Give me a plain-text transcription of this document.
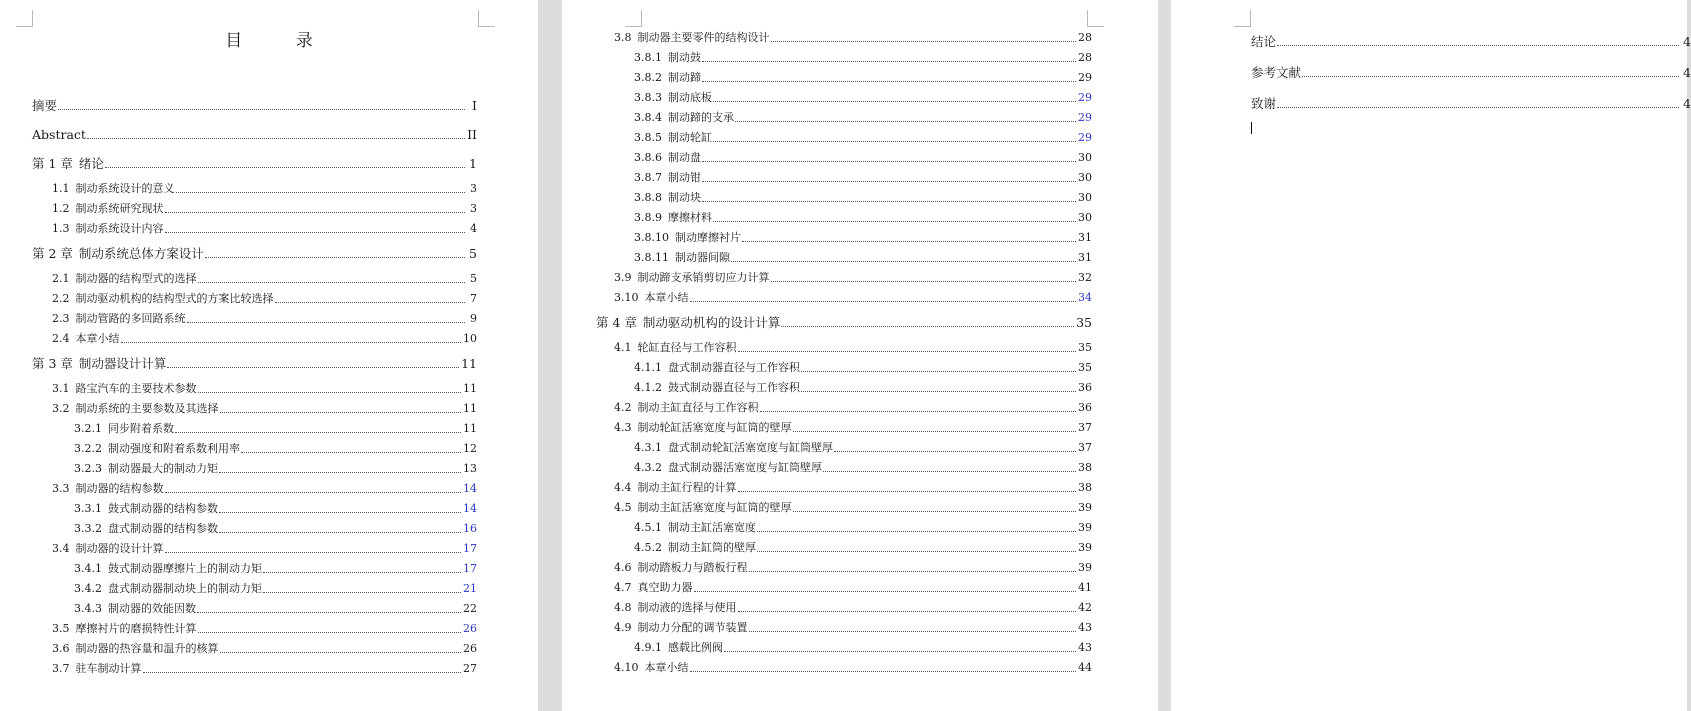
目 录
摘要	I
Abstract	II
第 1 章 绪论	1
1.1 制动系统设计的意义	3
1.2 制动系统研究现状	3
1.3 制动系统设计内容	4
第 2 章 制动系统总体方案设计	5
2.1 制动器的结构型式的选择	5
2.2 制动驱动机构的结构型式的方案比较选择	7
2.3 制动管路的多回路系统	9
2.4 本章小结	10
第 3 章 制动器设计计算	11
3.1 路宝汽车的主要技术参数	11
3.2 制动系统的主要参数及其选择	11
3.2.1 同步附着系数	11
3.2.2 制动强度和附着系数利用率	12
3.2.3 制动器最大的制动力矩	13
3.3 制动器的结构参数	14
3.3.1 鼓式制动器的结构参数	14
3.3.2 盘式制动器的结构参数	16
3.4 制动器的设计计算	17
3.4.1 鼓式制动器摩擦片上的制动力矩	17
3.4.2 盘式制动器制动块上的制动力矩	21
3.4.3 制动器的效能因数	22
3.5 摩擦衬片的磨损特性计算	26
3.6 制动器的热容量和温升的核算	26
3.7 驻车制动计算	27
3.8 制动器主要零件的结构设计	28
3.8.1 制动鼓	28
3.8.2 制动蹄	29
3.8.3 制动底板	29
3.8.4 制动蹄的支承	29
3.8.5 制动轮缸	29
3.8.6 制动盘	30
3.8.7 制动钳	30
3.8.8 制动块	30
3.8.9 摩擦材料	30
3.8.10 制动摩擦衬片	31
3.8.11 制动器间隙	31
3.9 制动蹄支承销剪切应力计算	32
3.10 本章小结	34
第 4 章 制动驱动机构的设计计算	35
4.1 轮缸直径与工作容积	35
4.1.1 盘式制动器直径与工作容积	35
4.1.2 鼓式制动器直径与工作容积	36
4.2 制动主缸直径与工作容积	36
4.3 制动轮缸活塞宽度与缸筒的壁厚	37
4.3.1 盘式制动轮缸活塞宽度与缸筒壁厚	37
4.3.2 盘式制动器活塞宽度与缸筒壁厚	38
4.4 制动主缸行程的计算	38
4.5 制动主缸活塞宽度与缸筒的壁厚	39
4.5.1 制动主缸活塞宽度	39
4.5.2 制动主缸筒的壁厚	39
4.6 制动踏板力与踏板行程	39
4.7 真空助力器	41
4.8 制动液的选择与使用	42
4.9 制动力分配的调节装置	43
4.9.1 感载比例阀	43
4.10 本章小结	44
结论	4
参考文献	4
致谢	4
